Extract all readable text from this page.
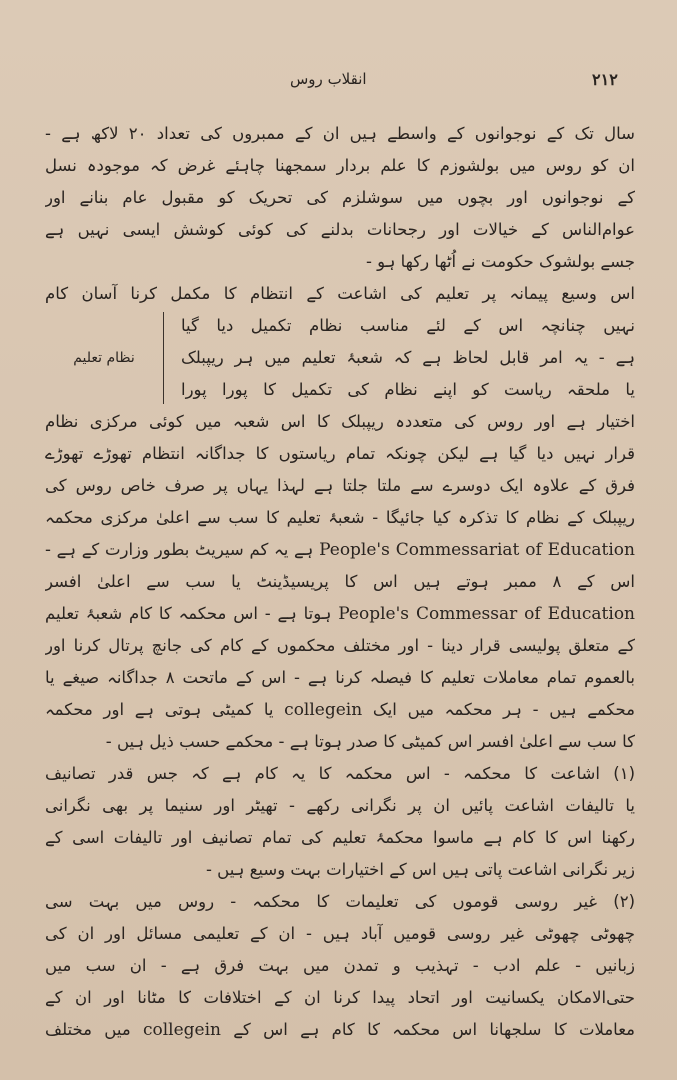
انقلاب روس	۲۱۲
سال تک کے نوجوانوں کے واسطے ہیں ان کے ممبروں کی تعداد ۲۰ لاکھ ہے -
ان کو روس میں بولشوزم کا علم بردار سمجھنا چاہئے غرض کہ موجودہ نسل
کے نوجوانوں اور بچوں میں سوشلزم کی تحریک کو مقبول عام بنانے اور
عوام‌الناس کے خیالات اور رجحانات بدلنے کی کوئی کوشش ایسی نہیں ہے
جسے بولشوک حکومت نے اُٹھا رکھا ہو -
اس وسیع پیمانہ پر تعلیم کی اشاعت کے انتظام کا مکمل کرنا آسان کام
نظام تعلیم
نہیں چنانچہ اس کے لئے مناسب نظام تکمیل دیا گیا
ہے - یہ امر قابل لحاظ ہے کہ شعبۂ تعلیم میں ہر ریپبلک
یا ملحقہ ریاست کو اپنے نظام کی تکمیل کا پورا پورا
اختیار ہے اور روس کی متعددہ ریپبلک کا اس شعبہ میں کوئی مرکزی نظام
قرار نہیں دیا گیا ہے لیکن چونکہ تمام ریاستوں کا جداگانہ انتظام تھوڑے تھوڑے
فرق کے علاوہ ایک دوسرے سے ملتا جلتا ہے لہذا یہاں پر صرف خاص روس کی
ریپبلک کے نظام کا تذکرہ کیا جائیگا - شعبۂ تعلیم کا سب سے اعلیٰ مرکزی محکمہ
People's Commessariat of Education ہے یہ کم سیریٹ بطور وزارت کے ہے -
اس کے ۸ ممبر ہوتے ہیں اس کا پریسیڈینٹ یا سب سے اعلیٰ افسر
People's Commessar of Education ہوتا ہے - اس محکمہ کا کام شعبۂ تعلیم
کے متعلق پولیسی قرار دینا - اور مختلف محکموں کے کام کی جانچ پرتال کرنا اور
بالعموم تمام معاملات تعلیم کا فیصلہ کرنا ہے - اس کے ماتحت ۸ جداگانہ صیغے یا
محکمے ہیں - ہر محکمہ میں ایک collegein یا کمیٹی ہوتی ہے اور محکمہ
کا سب سے اعلیٰ افسر اس کمیٹی کا صدر ہوتا ہے - محکمے حسب ذیل ہیں -
(۱) اشاعت کا محکمہ - اس محکمہ کا یہ کام ہے کہ جس قدر تصانیف
یا تالیفات اشاعت پائیں ان پر نگرانی رکھے - تھیٹر اور سنیما پر بھی نگرانی
رکھنا اس کا کام ہے ماسوا محکمۂ تعلیم کی تمام تصانیف اور تالیفات اسی کے
زیر نگرانی اشاعت پاتی ہیں اس کے اختیارات بہت وسیع ہیں -
(۲) غیر روسی قوموں کی تعلیمات کا محکمہ - روس میں بہت سی
چھوٹی چھوٹی غیر روسی قومیں آباد ہیں - ان کے تعلیمی مسائل اور ان کی
زبانیں - علم ادب - تہذیب و تمدن میں بہت فرق ہے - ان سب میں
حتی‌الامکان یکسانیت اور اتحاد پیدا کرنا ان کے اختلافات کا مٹانا اور ان کے
معاملات کا سلجھانا اس محکمہ کا کام ہے اس کے collegein میں مختلف
